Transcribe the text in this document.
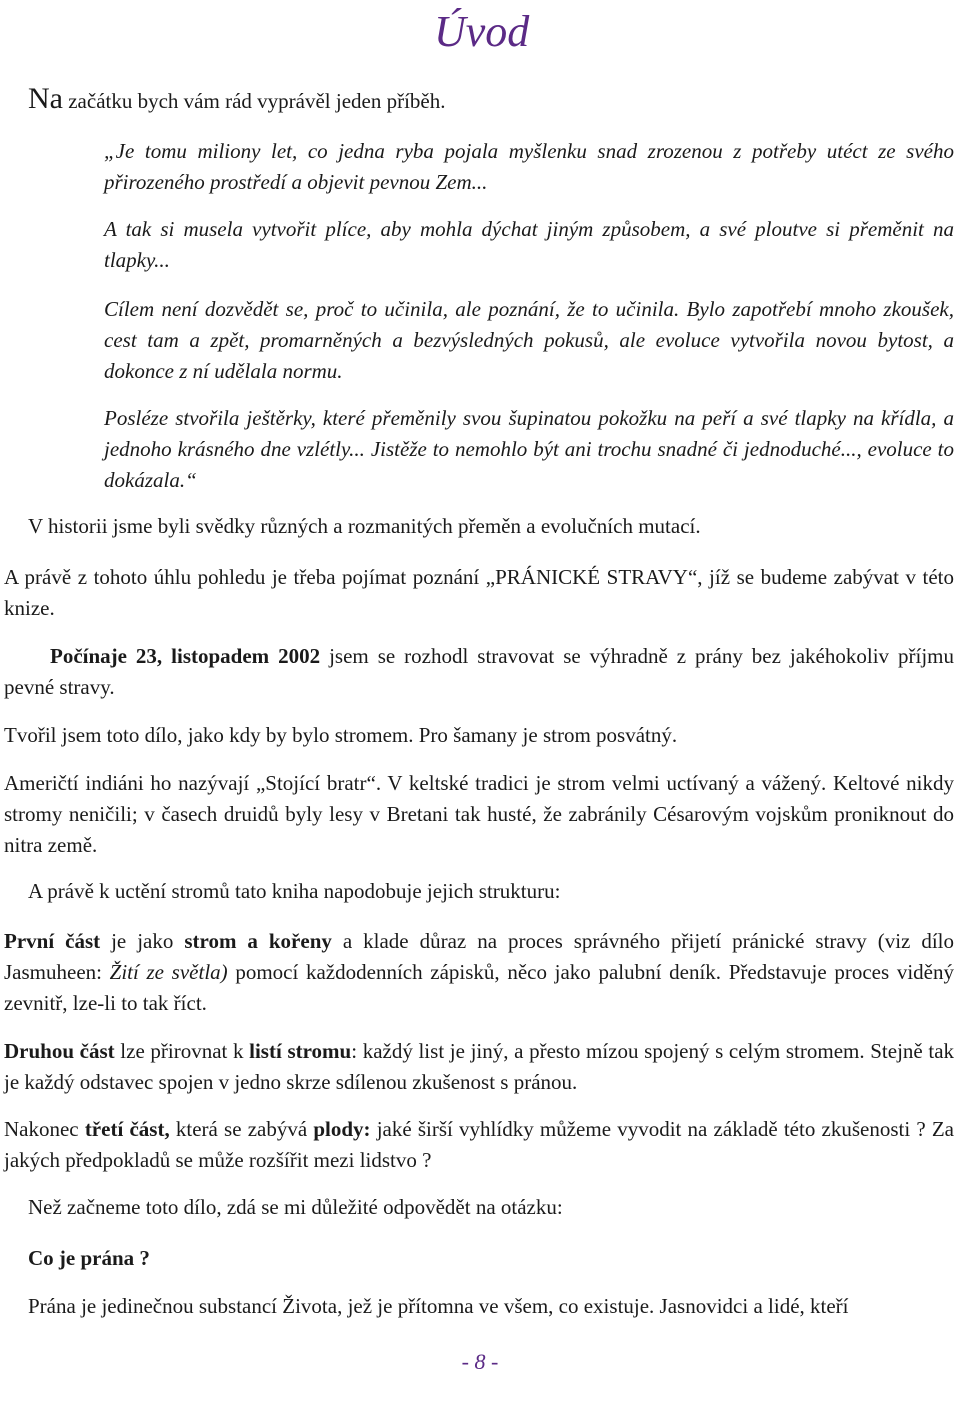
Úvod
Na začátku bych vám rád vyprávěl jeden příběh.

„Je tomu miliony let, co jedna ryba pojala myšlenku snad zrozenou z potřeby utéct ze svého přirozeného prostředí a objevit pevnou Zem...

A tak si musela vytvořit plíce, aby mohla dýchat jiným způsobem, a své ploutve si přeměnit na tlapky...

Cílem není dozvědět se, proč to učinila, ale poznání, že to učinila. Bylo zapotřebí mnoho zkoušek, cest tam a zpět, promarněných a bezvýsledných pokusů, ale evoluce vytvořila novou bytost, a dokonce z ní udělala normu.

Posléze stvořila ještěrky, které přeměnily svou šupinatou pokožku na peří a své tlapky na křídla, a jednoho krásného dne vzlétly... Jistěže to nemohlo být ani trochu snadné či jednoduché..., evoluce to dokázala.“

V historii jsme byli svědky různých a rozmanitých přeměn a evolučních mutací.

A právě z tohoto úhlu pohledu je třeba pojímat poznání „PRÁNICKÉ STRAVY“, jíž se budeme zabývat v této knize.

Počínaje 23, listopadem 2002 jsem se rozhodl stravovat se výhradně z prány bez jakéhokoliv příjmu pevné stravy.

Tvořil jsem toto dílo, jako kdy by bylo stromem. Pro šamany je strom posvátný.

Američtí indiáni ho nazývají „Stojící bratr“. V keltské tradici je strom velmi uctívaný a vážený. Keltové nikdy stromy neničili; v časech druidů byly lesy v Bretani tak husté, že zabránily Césarovým vojskům proniknout do nitra země.

A právě k uctění stromů tato kniha napodobuje jejich strukturu:

První část je jako strom a kořeny a klade důraz na proces správného přijetí pránické stravy (viz dílo Jasmuheen: Žití ze světla) pomocí každodenních zápisků, něco jako palubní deník. Představuje proces viděný zevnitř, lze-li to tak říct.

Druhou část lze přirovnat k listí stromu: každý list je jiný, a přesto mízou spojený s celým stromem. Stejně tak je každý odstavec spojen v jedno skrze sdílenou zkušenost s pránou.

Nakonec třetí část, která se zabývá plody: jaké širší vyhlídky můžeme vyvodit na základě této zkušenosti ? Za jakých předpokladů se může rozšířit mezi lidstvo ?

Než začneme toto dílo, zdá se mi důležité odpovědět na otázku:

Co je prána ?

Prána je jedinečnou substancí Života, jež je přítomna ve všem, co existuje. Jasnovidci a lidé, kteří

- 8 -
